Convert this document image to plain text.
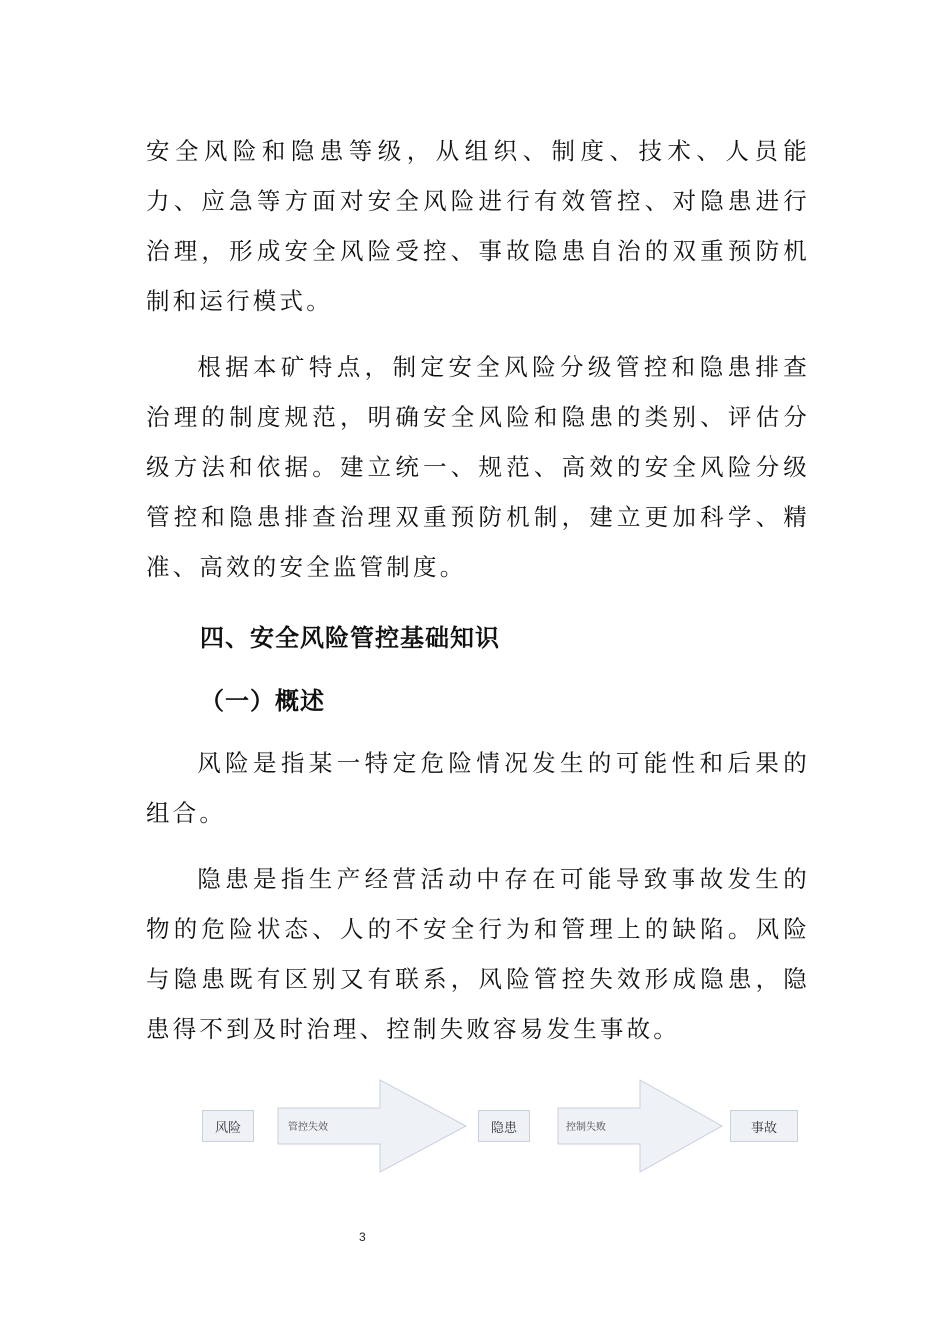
安全风险和隐患等级，从组织、制度、技术、人员能力、应急等方面对安全风险进行有效管控、对隐患进行治理，形成安全风险受控、事故隐患自治的双重预防机制和运行模式。

根据本矿特点，制定安全风险分级管控和隐患排查治理的制度规范，明确安全风险和隐患的类别、评估分级方法和依据。建立统一、规范、高效的安全风险分级管控和隐患排查治理双重预防机制，建立更加科学、精准、高效的安全监管制度。

四、安全风险管控基础知识
（一）概述

风险是指某一特定危险情况发生的可能性和后果的组合。

隐患是指生产经营活动中存在可能导致事故发生的物的危险状态、人的不安全行为和管理上的缺陷。风险与隐患既有区别又有联系，风险管控失效形成隐患，隐患得不到及时治理、控制失败容易发生事故。

风险	管控失效	隐患	控制失败	事故
3
